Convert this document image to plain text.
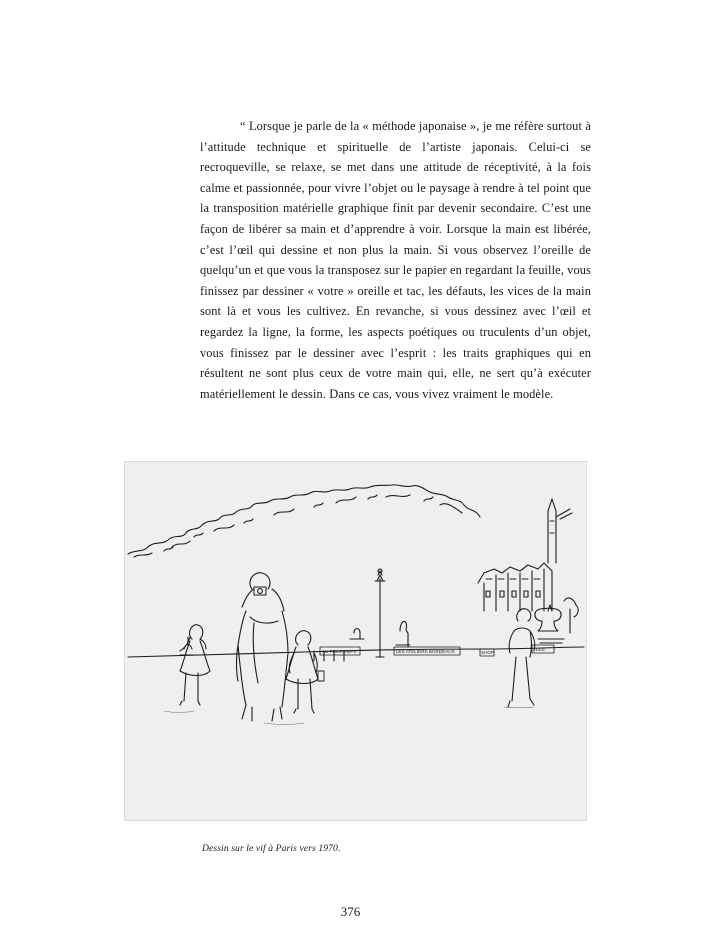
“ Lorsque je parle de la « méthode japonaise », je me réfère surtout à l’attitude technique et spirituelle de l’artiste japonais. Celui-ci se recroqueville, se relaxe, se met dans une attitude de réceptivité, à la fois calme et passionnée, pour vivre l’objet ou le paysage à rendre à tel point que la transposition matérielle graphique finit par devenir secondaire. C’est une façon de libérer sa main et d’apprendre à voir. Lorsque la main est libérée, c’est l’œil qui dessine et non plus la main. Si vous observez l’oreille de quelqu’un et que vous la transposez sur le papier en regardant la feuille, vous finissez par dessiner « votre » oreille et tac, les défauts, les vices de la main sont là et vous les cultivez. En revanche, si vous dessinez avec l’œil et regardez la ligne, la forme, les aspects poétiques ou truculents d’un objet, vous finissez par le dessiner avec l’esprit : les traits graphiques qui en résultent ne sont plus ceux de votre main qui, elle, ne sert qu’à exécuter matériellement le dessin. Dans ce cas, vous vivez vraiment le modèle.

AU PRINTEMPS	LES ATELIERS BORDEAUX	SHOP
LES
Dessin sur le vif à Paris vers 1970.
376
